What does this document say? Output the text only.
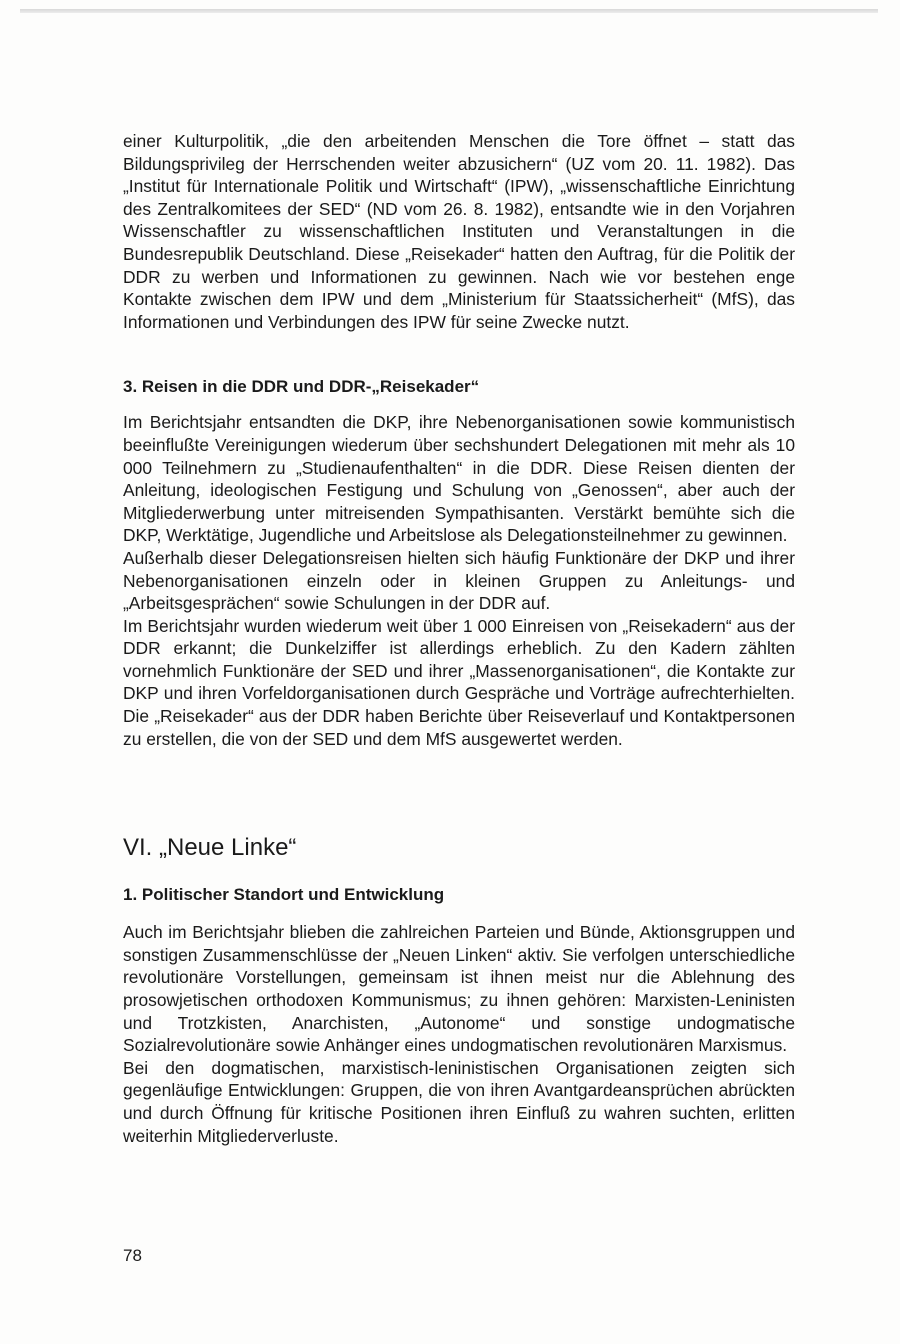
einer Kulturpolitik, „die den arbeitenden Menschen die Tore öffnet – statt das Bildungsprivileg der Herrschenden weiter abzusichern“ (UZ vom 20. 11. 1982). Das „Institut für Internationale Politik und Wirtschaft“ (IPW), „wissenschaftliche Einrichtung des Zentralkomitees der SED“ (ND vom 26. 8. 1982), entsandte wie in den Vorjahren Wissenschaftler zu wissenschaftlichen Instituten und Veranstaltungen in die Bundesrepublik Deutschland. Diese „Reisekader“ hatten den Auftrag, für die Politik der DDR zu werben und Informationen zu gewinnen. Nach wie vor bestehen enge Kontakte zwischen dem IPW und dem „Ministerium für Staatssicherheit“ (MfS), das Informationen und Verbindungen des IPW für seine Zwecke nutzt.

3. Reisen in die DDR und DDR-„Reisekader“

Im Berichtsjahr entsandten die DKP, ihre Nebenorganisationen sowie kommunistisch beeinflußte Vereinigungen wiederum über sechshundert Delegationen mit mehr als 10 000 Teilnehmern zu „Studienaufenthalten“ in die DDR. Diese Reisen dienten der Anleitung, ideologischen Festigung und Schulung von „Genossen“, aber auch der Mitgliederwerbung unter mitreisenden Sympathisanten. Verstärkt bemühte sich die DKP, Werktätige, Jugendliche und Arbeitslose als Delegationsteilnehmer zu gewinnen.

Außerhalb dieser Delegationsreisen hielten sich häufig Funktionäre der DKP und ihrer Nebenorganisationen einzeln oder in kleinen Gruppen zu Anleitungs- und „Arbeitsgesprächen“ sowie Schulungen in der DDR auf.

Im Berichtsjahr wurden wiederum weit über 1 000 Einreisen von „Reisekadern“ aus der DDR erkannt; die Dunkelziffer ist allerdings erheblich. Zu den Kadern zählten vornehmlich Funktionäre der SED und ihrer „Massenorganisationen“, die Kontakte zur DKP und ihren Vorfeldorganisationen durch Gespräche und Vorträge aufrechterhielten. Die „Reisekader“ aus der DDR haben Berichte über Reiseverlauf und Kontaktpersonen zu erstellen, die von der SED und dem MfS ausgewertet werden.

VI. „Neue Linke“
1. Politischer Standort und Entwicklung

Auch im Berichtsjahr blieben die zahlreichen Parteien und Bünde, Aktionsgruppen und sonstigen Zusammenschlüsse der „Neuen Linken“ aktiv. Sie verfolgen unterschiedliche revolutionäre Vorstellungen, gemeinsam ist ihnen meist nur die Ablehnung des prosowjetischen orthodoxen Kommunismus; zu ihnen gehören: Marxisten-Leninisten und Trotzkisten, Anarchisten, „Autonome“ und sonstige undogmatische Sozialrevolutionäre sowie Anhänger eines undogmatischen revolutionären Marxismus.

Bei den dogmatischen, marxistisch-leninistischen Organisationen zeigten sich gegenläufige Entwicklungen: Gruppen, die von ihren Avantgardeansprüchen abrückten und durch Öffnung für kritische Positionen ihren Einfluß zu wahren suchten, erlitten weiterhin Mitgliederverluste.

78
